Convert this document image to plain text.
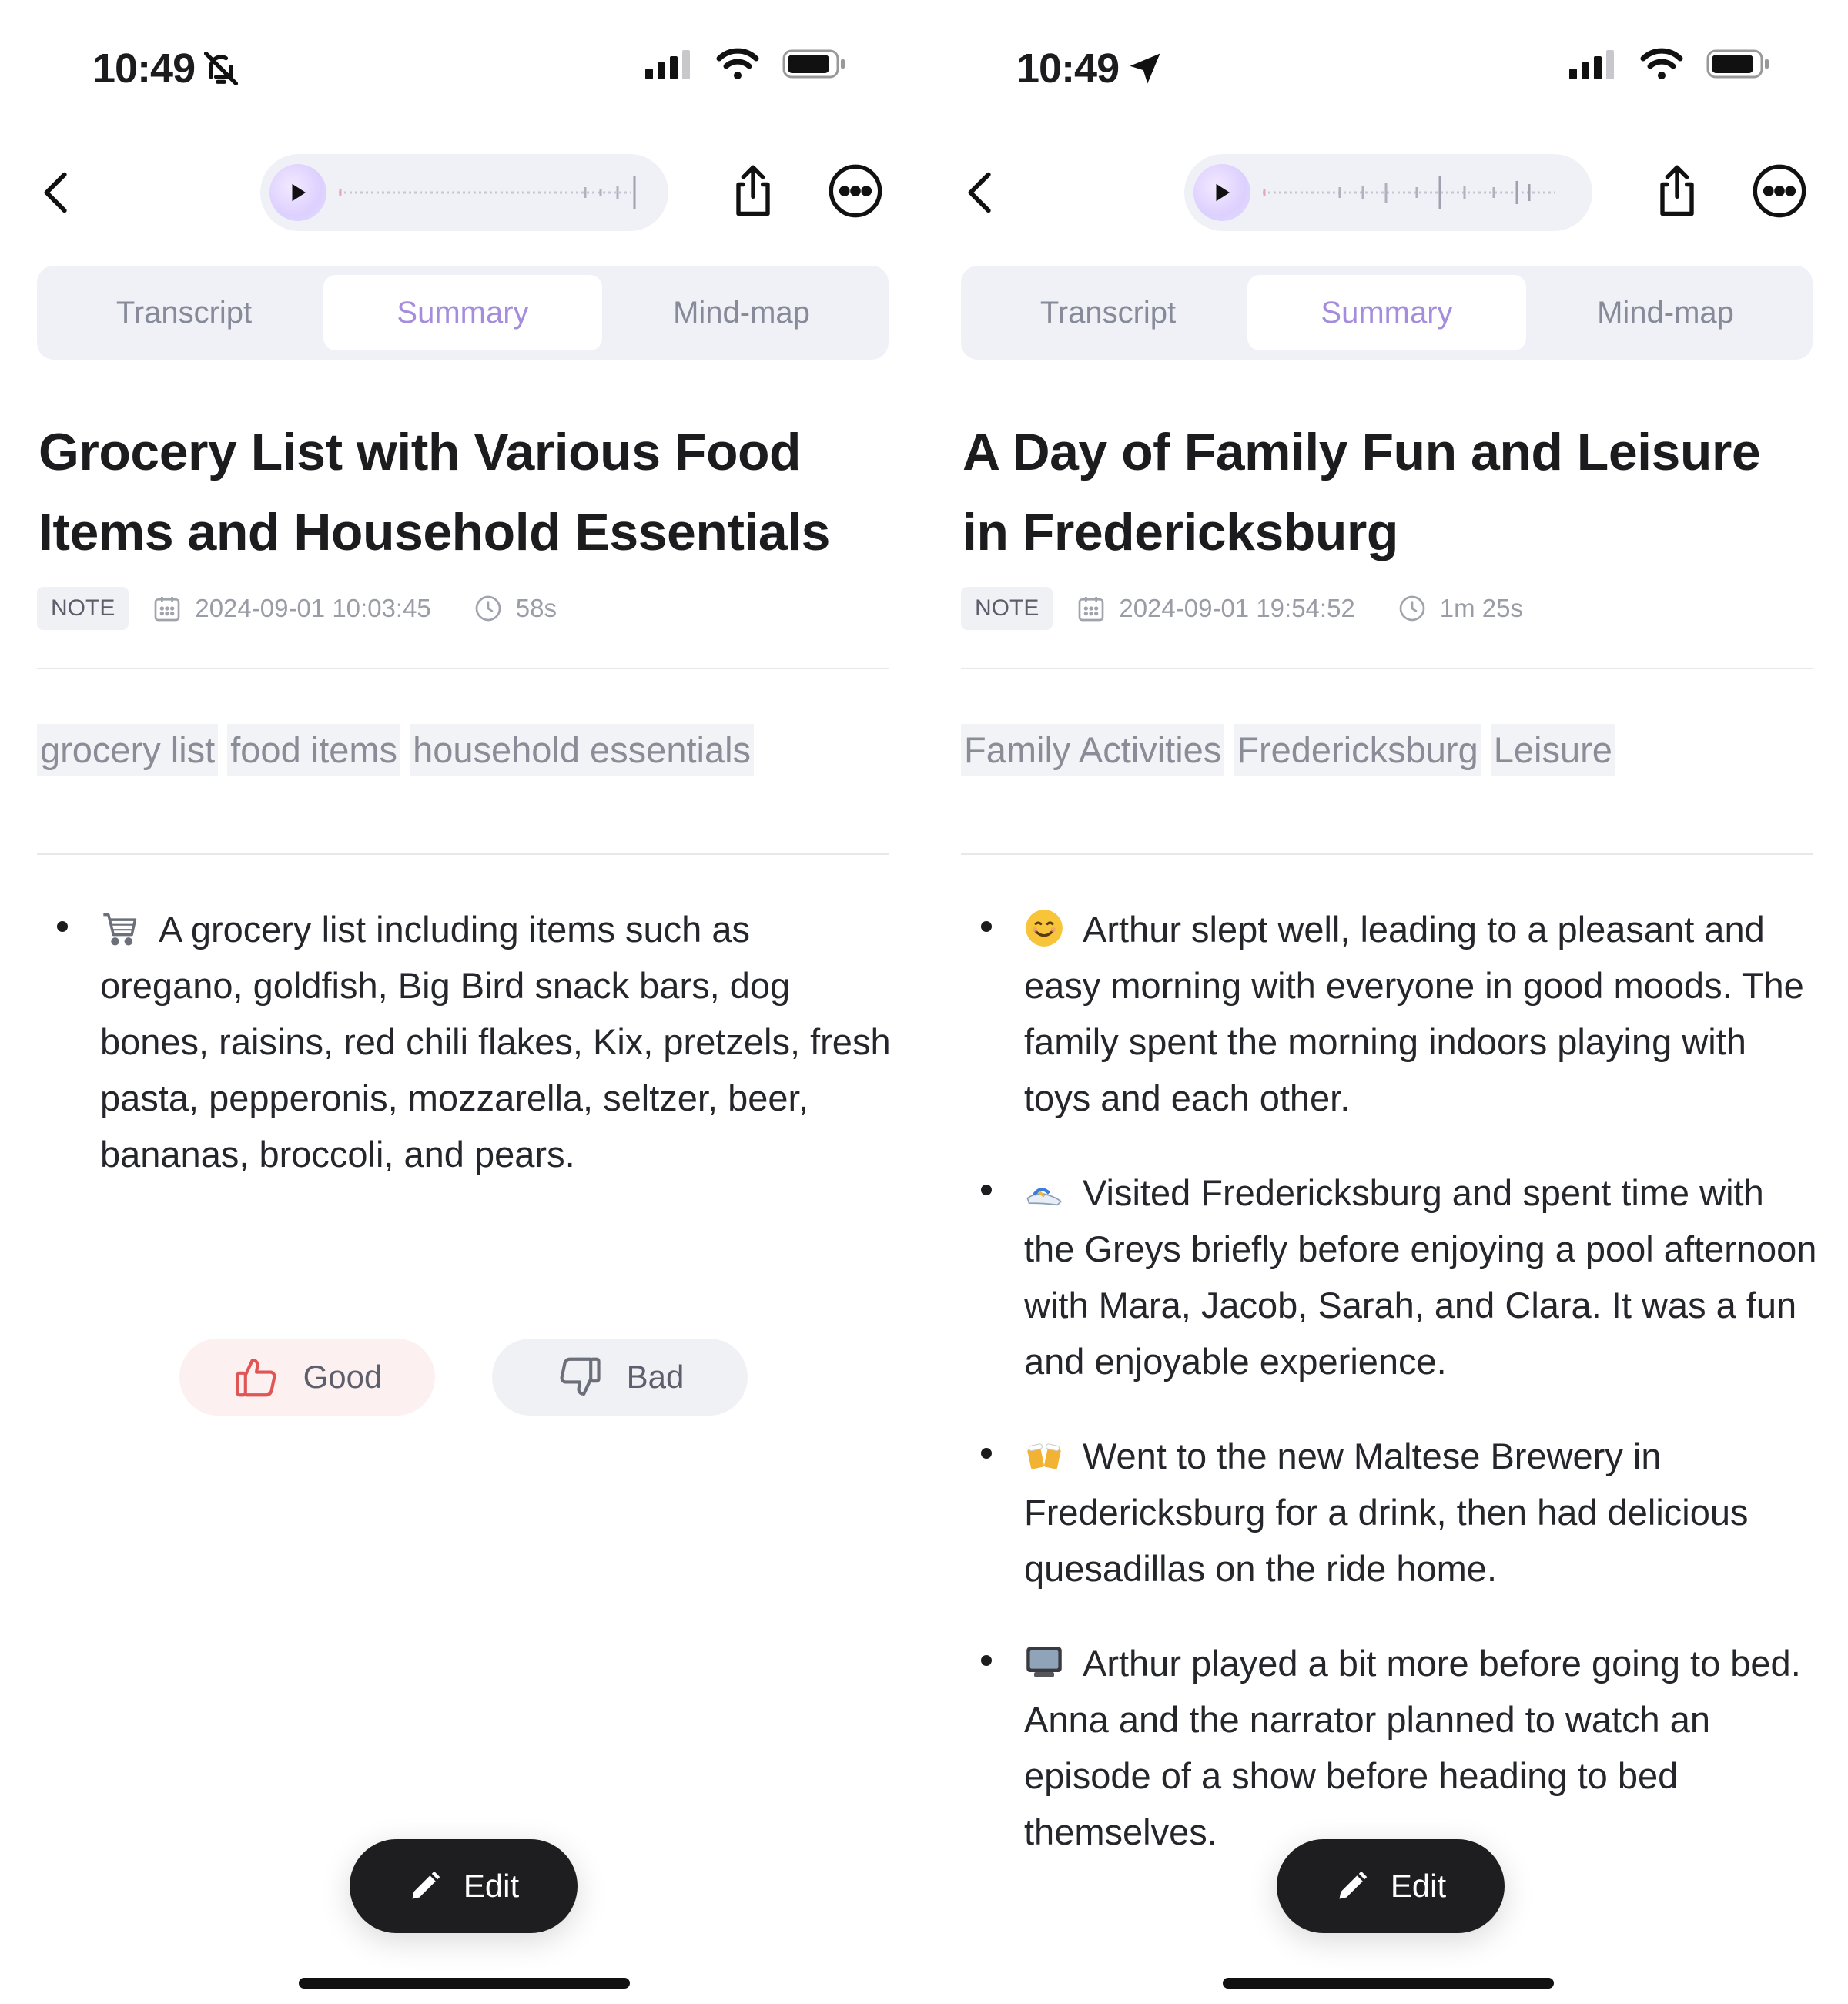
10:49
Transcript	Summary	Mind-map
Grocery List with Various Food Items and Household Essentials
NOTE	2024-09-01 10:03:45	58s
grocery list food items household essentials
A grocery list including items such as oregano, goldfish, Big Bird snack bars, dog bones, raisins, red chili flakes, Kix, pretzels, fresh pasta, pepperonis, mozzarella, seltzer, beer, bananas, broccoli, and pears.
Good	Bad
Edit
10:49
Transcript	Summary	Mind-map
A Day of Family Fun and Leisure in Fredericksburg
NOTE	2024-09-01 19:54:52	1m 25s
Family Activities Fredericksburg Leisure
Arthur slept well, leading to a pleasant and easy morning with everyone in good moods. The family spent the morning indoors playing with toys and each other.
Visited Fredericksburg and spent time with the Greys briefly before enjoying a pool afternoon with Mara, Jacob, Sarah, and Clara. It was a fun and enjoyable experience.
Went to the new Maltese Brewery in Fredericksburg for a drink, then had delicious quesadillas on the ride home.
Arthur played a bit more before going to bed. Anna and the narrator planned to watch an episode of a show before heading to bed themselves.
Edit
